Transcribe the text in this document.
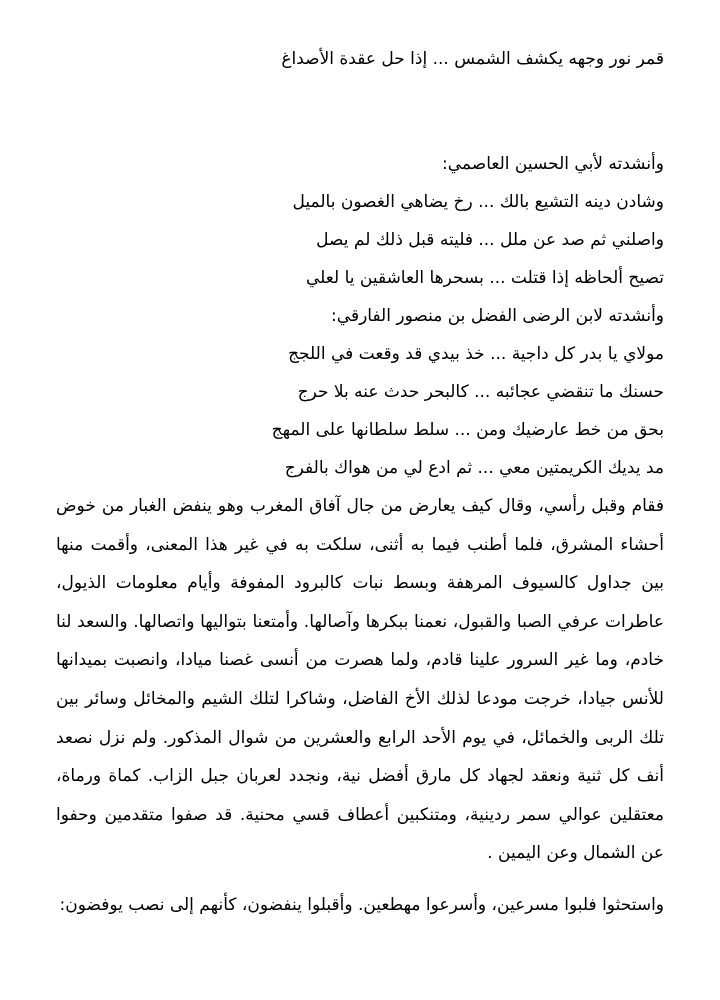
قمر نور وجهه يكشف الشمس ... إذا حل عقدة الأصداغ
وأنشدته لأبي الحسين العاصمي:
وشادن دينه التشيع بالك ... رخ يضاهي الغصون بالميل
واصلني ثم صد عن ملل ... فليته قبل ذلك لم يصل
تصيح ألحاظه إذا قتلت ... بسحرها العاشقين يا لعلي
وأنشدته لابن الرضى الفضل بن منصور الفارقي:
مولاي يا بدر كل داجية ... خذ بيدي قد وقعت في اللجج
حسنك ما تنقضي عجائبه ... كالبحر حدث عنه بلا حرج
بحق من خط عارضيك ومن ... سلط سلطانها على المهج
مد يديك الكريمتين معي ... ثم ادع لي من هواك بالفرج

فقام وقبل رأسي، وقال كيف يعارض من جال آفاق المغرب وهو ينفض الغبار من خوض أحشاء المشرق، فلما أطنب فيما به أثنى، سلكت به في غير هذا المعنى، وأقمت منها بين جداول كالسيوف المرهفة وبسط نبات كالبرود المفوفة وأيام معلومات الذيول، عاطرات عرفي الصبا والقبول، نعمنا ببكرها وآصالها. وأمتعنا بتواليها واتصالها. والسعد لنا خادم، وما غير السرور علينا قادم، ولما هصرت من أنسى غصنا ميادا، وانصبت بميدانها للأنس جيادا، خرجت مودعا لذلك الأخ الفاضل، وشاكرا لتلك الشيم والمخائل وسائر بين تلك الربى والخمائل، في يوم الأحد الرابع والعشرين من شوال المذكور. ولم نزل نصعد أنف كل ثنية ونعقد لجهاد كل مارق أفضل نية، ونجدد لعربان جبل الزاب. كماة ورماة، معتقلين عوالي سمر ردينية، ومتنكبين أعطاف قسي محنية. قد صفوا متقدمين وحفوا عن الشمال وعن اليمين .

واستحثوا فلبوا مسرعين، وأسرعوا مهطعين. وأقبلوا ينفضون، كأنهم إلى نصب يوفضون:
